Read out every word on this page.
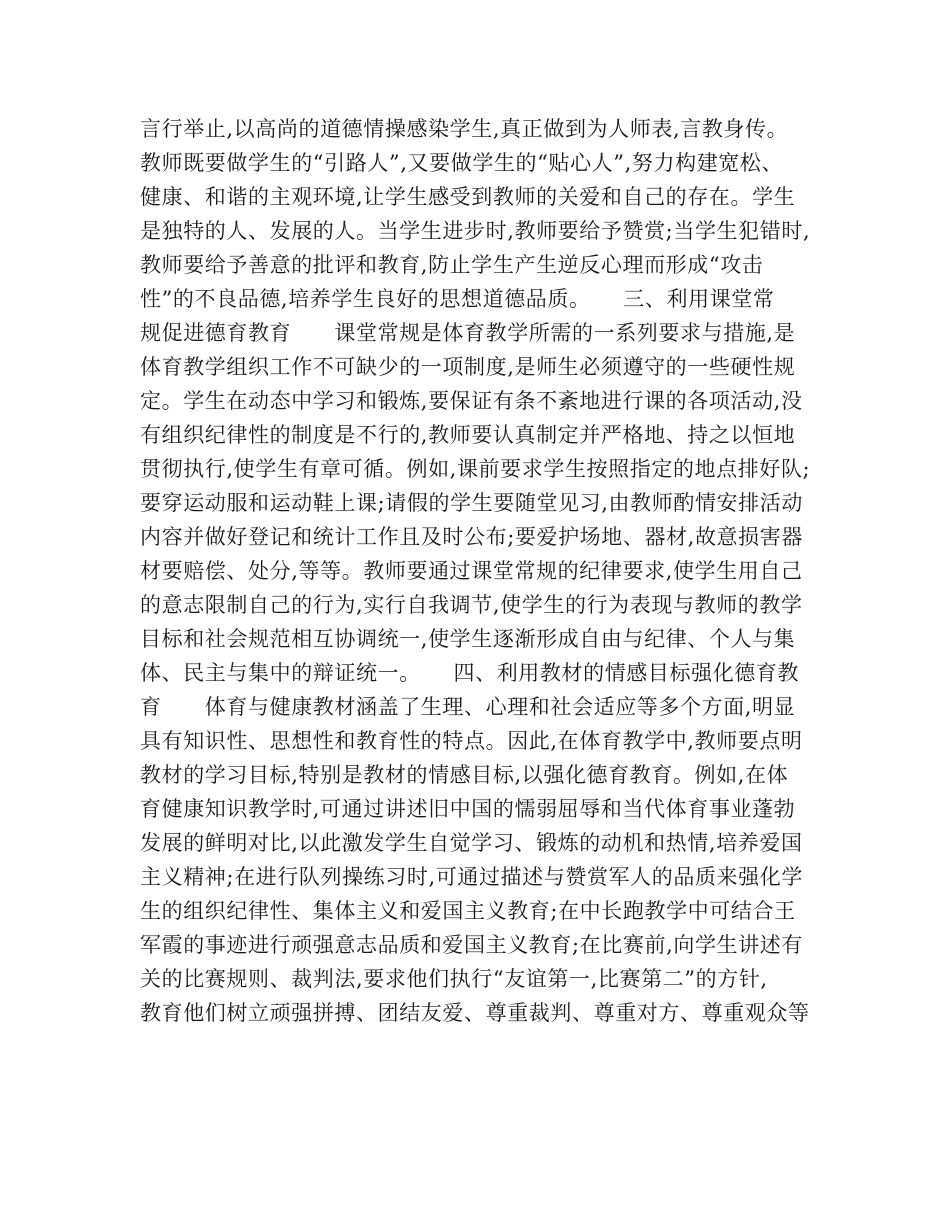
言行举止,以高尚的道德情操感染学生,真正做到为人师表,言教身传。
教师既要做学生的“引路人”,又要做学生的“贴心人”,努力构建宽松、
健康、和谐的主观环境,让学生感受到教师的关爱和自己的存在。学生
是独特的人、发展的人。当学生进步时,教师要给予赞赏;当学生犯错时,
教师要给予善意的批评和教育,防止学生产生逆反心理而形成“攻击
性”的不良品德,培养学生良好的思想道德品质。　　三、利用课堂常
规促进德育教育　　课堂常规是体育教学所需的一系列要求与措施,是
体育教学组织工作不可缺少的一项制度,是师生必须遵守的一些硬性规
定。学生在动态中学习和锻炼,要保证有条不紊地进行课的各项活动,没
有组织纪律性的制度是不行的,教师要认真制定并严格地、持之以恒地
贯彻执行,使学生有章可循。例如,课前要求学生按照指定的地点排好队;
要穿运动服和运动鞋上课;请假的学生要随堂见习,由教师酌情安排活动
内容并做好登记和统计工作且及时公布;要爱护场地、器材,故意损害器
材要赔偿、处分,等等。教师要通过课堂常规的纪律要求,使学生用自己
的意志限制自己的行为,实行自我调节,使学生的行为表现与教师的教学
目标和社会规范相互协调统一,使学生逐渐形成自由与纪律、个人与集
体、民主与集中的辩证统一。　　四、利用教材的情感目标强化德育教
育　　体育与健康教材涵盖了生理、心理和社会适应等多个方面,明显
具有知识性、思想性和教育性的特点。因此,在体育教学中,教师要点明
教材的学习目标,特别是教材的情感目标,以强化德育教育。例如,在体
育健康知识教学时,可通过讲述旧中国的懦弱屈辱和当代体育事业蓬勃
发展的鲜明对比,以此激发学生自觉学习、锻炼的动机和热情,培养爱国
主义精神;在进行队列操练习时,可通过描述与赞赏军人的品质来强化学
生的组织纪律性、集体主义和爱国主义教育;在中长跑教学中可结合王
军霞的事迹进行顽强意志品质和爱国主义教育;在比赛前,向学生讲述有
关的比赛规则、裁判法,要求他们执行“友谊第一,比赛第二”的方针,
教育他们树立顽强拼搏、团结友爱、尊重裁判、尊重对方、尊重观众等
